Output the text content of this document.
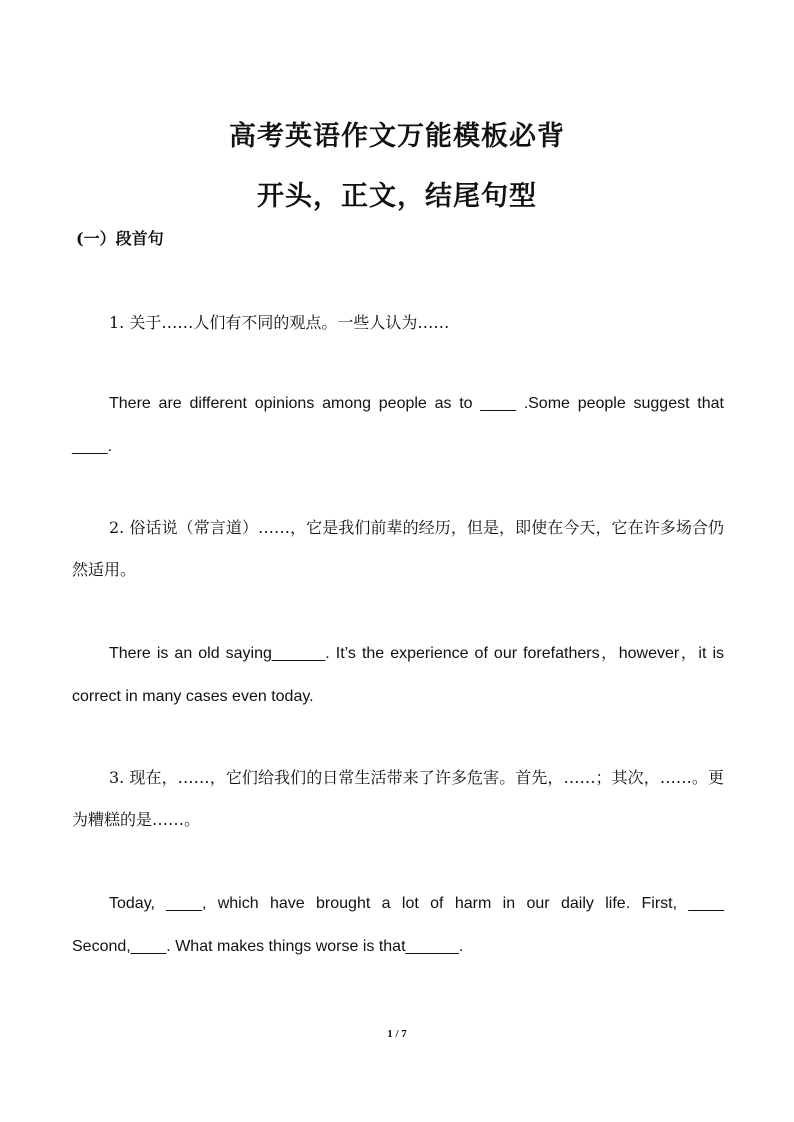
高考英语作文万能模板必背
开头，正文，结尾句型

(一）段首句

1. 关于……人们有不同的观点。一些人认为……

There are different opinions among people as to ____ .Some people suggest that ____.

2. 俗话说（常言道）……，它是我们前辈的经历，但是，即使在今天，它在许多场合仍然适用。

There is an old saying______. It’s the experience of our forefathers，however，it is correct in many cases even today.

3. 现在，……，它们给我们的日常生活带来了许多危害。首先，……；其次，……。更为糟糕的是……。

Today, ____, which have brought a lot of harm in our daily life. First, ____ Second,____. What makes things worse is that______.

1 / 7
